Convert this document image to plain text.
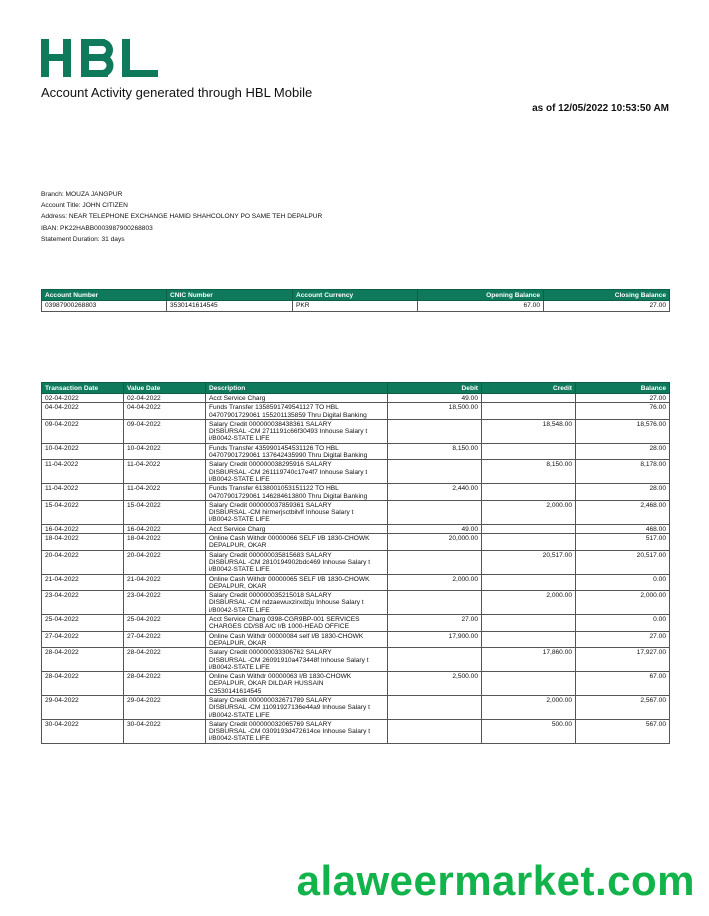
Account Activity generated through HBL Mobile
as of 12/05/2022 10:53:50 AM
Branch: MOUZA JANGPUR
Account Title: JOHN CITIZEN
Address: NEAR TELEPHONE EXCHANGE HAMID SHAHCOLONY PO SAME TEH DEPALPUR
IBAN: PK22HABB0003987900268803
Statement Duration: 31 days
Account Number	CNIC Number	Account Currency	Opening Balance	Closing Balance
03987900268803	3530141614545	PKR	67.00	27.00
Transaction Date	Value Date	Description	Debit	Credit	Balance
02-04-2022	02-04-2022	Acct Service Charg	49.00		27.00
04-04-2022	04-04-2022	Funds Transfer 1358591749541127 TO HBL
04707901729061 155201135859 Thru Digital Banking	18,500.00		76.00
09-04-2022	09-04-2022	Salary Credit 000000038438361 SALARY
DISBURSAL -CM 2711191c66f30493 Inhouse Salary t
i/B0042-STATE LIFE		18,548.00	18,576.00
10-04-2022	10-04-2022	Funds Transfer 4359901454531126 TO HBL
04707901729061 137642435990 Thru Digital Banking	8,150.00		28.00
11-04-2022	11-04-2022	Salary Credit 000000038295916 SALARY
DISBURSAL -CM 261119740c17e4f7 Inhouse Salary t
i/B0042-STATE LIFE		8,150.00	8,178.00
11-04-2022	11-04-2022	Funds Transfer 6138001053151122 TO HBL
04707901729061 146284613800 Thru Digital Banking	2,440.00		28.00
15-04-2022	15-04-2022	Salary Credit 000000037859361 SALARY
DISBURSAL -CM hirmerjsctbilvlf Inhouse Salary t
i/B0042-STATE LIFE		2,000.00	2,468.00
16-04-2022	16-04-2022	Acct Service Charg	49.00		468.00
18-04-2022	18-04-2022	Online Cash Withdr 00000066 SELF I/B 1830-CHOWK
DEPALPUR, OKAR	20,000.00		517.00
20-04-2022	20-04-2022	Salary Credit 000000035815683 SALARY
DISBURSAL -CM 2810194902bdc469 Inhouse Salary t
i/B0042-STATE LIFE		20,517.00	20,517.00
21-04-2022	21-04-2022	Online Cash Withdr 00000065 SELF I/B 1830-CHOWK
DEPALPUR, OKAR	2,000.00		0.00
23-04-2022	23-04-2022	Salary Credit 000000035215018 SALARY
DISBURSAL -CM ndzaewuxzirxdzju Inhouse Salary t
i/B0042-STATE LIFE		2,000.00	2,000.00
25-04-2022	25-04-2022	Acct Service Charg 0398-CGR9BP-001 SERVICES
CHARGES CD/SB A/C I/B 1000-HEAD OFFICE	27.00		0.00
27-04-2022	27-04-2022	Online Cash Withdr 00000084 self I/B 1830-CHOWK
DEPALPUR, OKAR	17,900.00		27.00
28-04-2022	28-04-2022	Salary Credit 000000033306762 SALARY
DISBURSAL -CM 26091910a473448f Inhouse Salary t
i/B0042-STATE LIFE		17,860.00	17,927.00
28-04-2022	28-04-2022	Online Cash Withdr 00000063 I/B 1830-CHOWK
DEPALPUR, OKAR DILDAR HUSSAIN
C3530141614545	2,500.00		67.00
29-04-2022	29-04-2022	Salary Credit 000000032671789 SALARY
DISBURSAL -CM 11091927136e44a9 Inhouse Salary t
i/B0042-STATE LIFE		2,000.00	2,567.00
30-04-2022	30-04-2022	Salary Credit 000000032065769 SALARY
DISBURSAL -CM 0309193d472614ce Inhouse Salary t
i/B0042-STATE LIFE		500.00	567.00
alaweermarket.com
